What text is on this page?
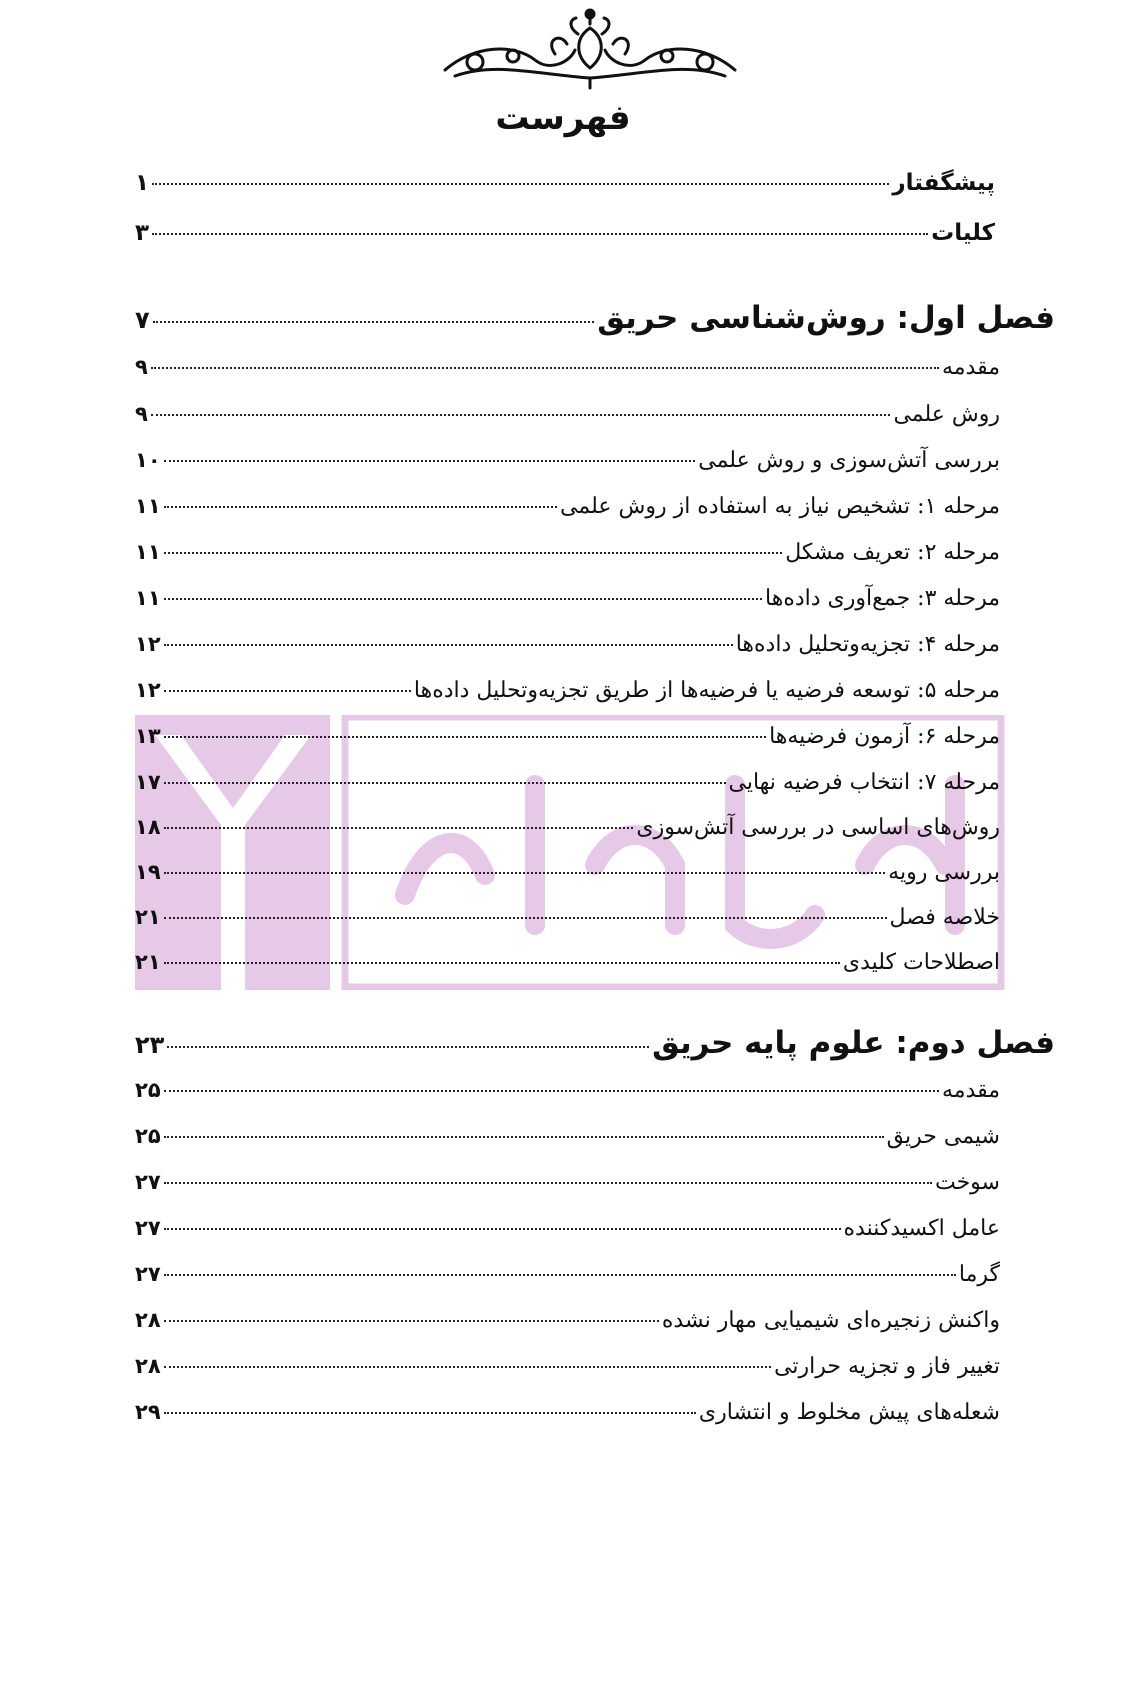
فهرست
پیشگفتار
۱
کلیات
۳
فصل اول: روش‌شناسی حریق
۷
مقدمه
۹
روش علمی
۹
بررسی آتش‌سوزی و روش علمی
۱۰
مرحله ۱: تشخیص نیاز به استفاده از روش علمی
۱۱
مرحله ۲: تعریف مشکل
۱۱
مرحله ۳: جمع‌آوری داده‌ها
۱۱
مرحله ۴: تجزیه‌وتحلیل داده‌ها
۱۲
مرحله ۵: توسعه فرضیه یا فرضیه‌ها از طریق تجزیه‌وتحلیل داده‌ها
۱۲
مرحله ۶: آزمون فرضیه‌ها
۱۳
مرحله ۷: انتخاب فرضیه نهایی
۱۷
روش‌های اساسی در بررسی آتش‌سوزی
۱۸
بررسی رویه
۱۹
خلاصه فصل
۲۱
اصطلاحات کلیدی
۲۱
فصل دوم: علوم پایه حریق
۲۳
مقدمه
۲۵
شیمی حریق
۲۵
سوخت
۲۷
عامل اکسیدکننده
۲۷
گرما
۲۷
واکنش زنجیره‌ای شیمیایی مهار نشده
۲۸
تغییر فاز و تجزیه حرارتی
۲۸
شعله‌های پیش مخلوط و انتشاری
۲۹
